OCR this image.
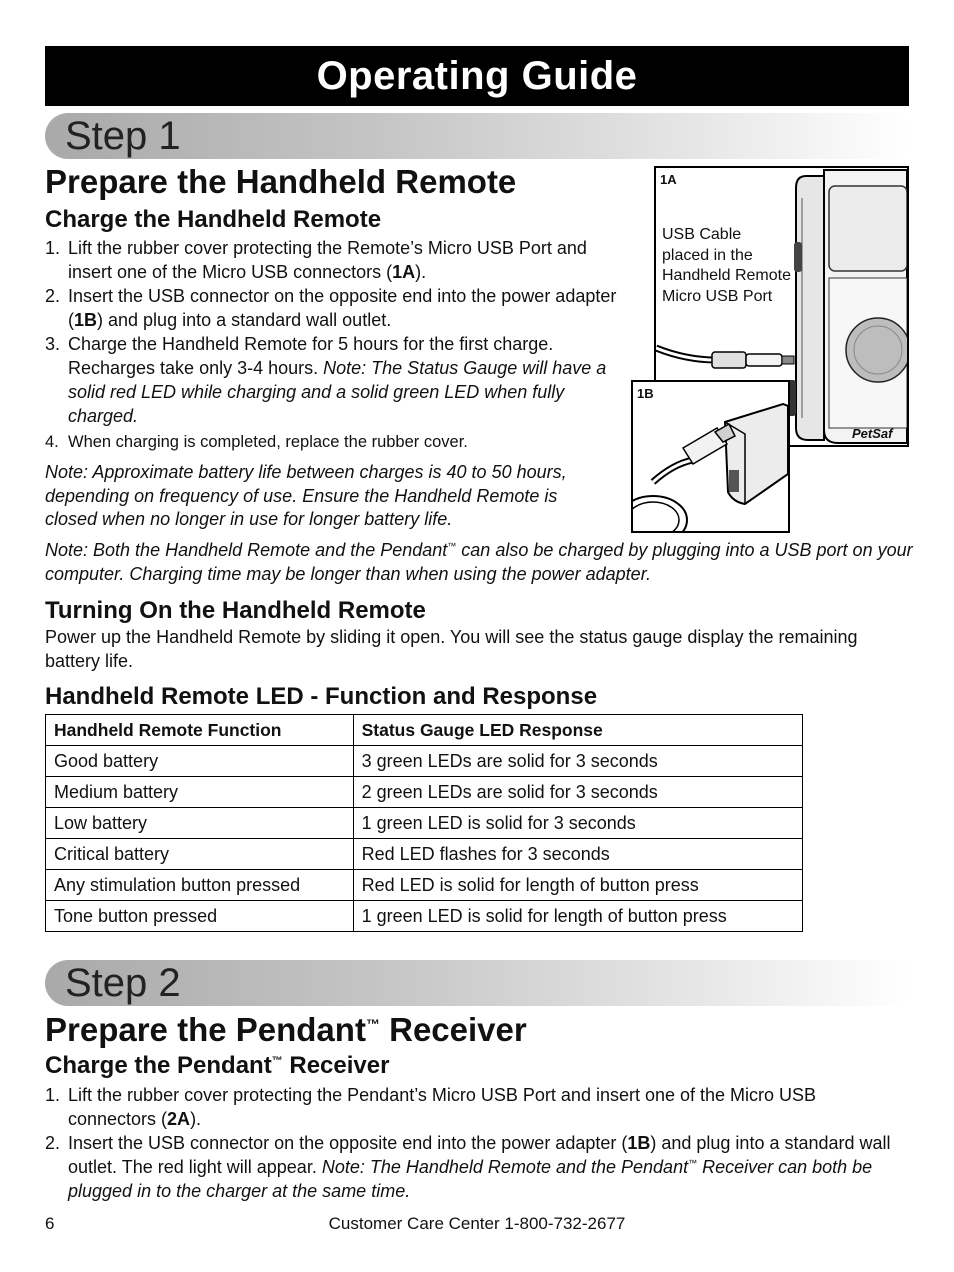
Operating Guide
Step 1
Prepare the Handheld Remote
Charge the Handheld Remote
1. Lift the rubber cover protecting the Remote’s Micro USB Port and insert one of the Micro USB connectors (1A).
2. Insert the USB connector on the opposite end into the power adapter (1B) and plug into a standard wall outlet.
3. Charge the Handheld Remote for 5 hours for the first charge. Recharges take only 3-4 hours. Note: The Status Gauge will have a solid red LED while charging and a solid green LED when fully charged.
4. When charging is completed, replace the rubber cover.
Note: Approximate battery life between charges is 40 to 50 hours, depending on frequency of use. Ensure the Handheld Remote is closed when no longer in use for longer battery life.
Note: Both the Handheld Remote and the Pendant™ can also be charged by plugging into a USB port on your computer. Charging time may be longer than when using the power adapter.
1A
USB Cable placed in the Handheld Remote Micro USB Port
PetSaf
1B
Turning On the Handheld Remote
Power up the Handheld Remote by sliding it open. You will see the status gauge display the remaining battery life.
Handheld Remote LED - Function and Response
Handheld Remote Function	Status Gauge LED Response
Good battery	3 green LEDs are solid for 3 seconds
Medium battery	2 green LEDs are solid for 3 seconds
Low battery	1 green LED is solid for 3 seconds
Critical battery	Red LED flashes for 3 seconds
Any stimulation button pressed	Red LED is solid for length of button press
Tone button pressed	1 green LED is solid for length of button press
Step 2
Prepare the Pendant™ Receiver
Charge the Pendant™ Receiver
1. Lift the rubber cover protecting the Pendant’s Micro USB Port and insert one of the Micro USB connectors (2A).
2. Insert the USB connector on the opposite end into the power adapter (1B) and plug into a standard wall outlet. The red light will appear. Note: The Handheld Remote and the Pendant™ Receiver can both be plugged in to the charger at the same time.
6	Customer Care Center 1-800-732-2677
